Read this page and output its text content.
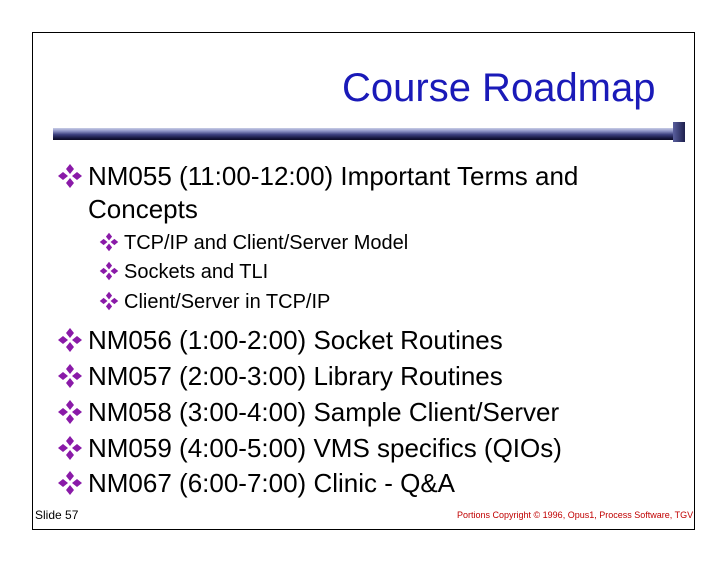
Course Roadmap
NM055 (11:00-12:00) Important Terms and
Concepts
TCP/IP and Client/Server Model
Sockets and TLI
Client/Server in TCP/IP
NM056 (1:00-2:00) Socket Routines
NM057 (2:00-3:00) Library Routines
NM058 (3:00-4:00) Sample Client/Server
NM059 (4:00-5:00) VMS specifics (QIOs)
NM067 (6:00-7:00) Clinic - Q&A
Slide 57	Portions Copyright © 1996, Opus1, Process Software, TGV
